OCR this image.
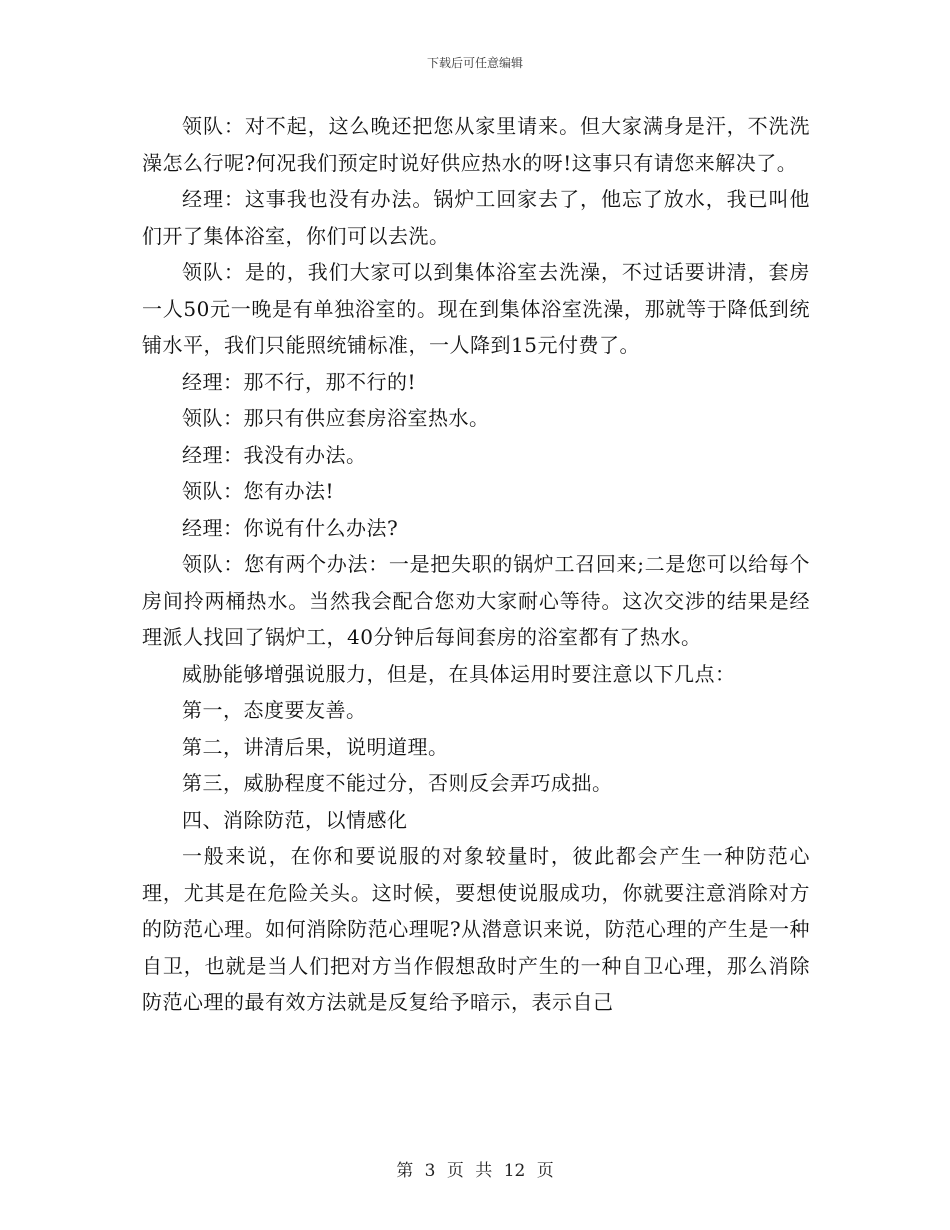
下载后可任意编辑

领队：对不起，这么晚还把您从家里请来。但大家满身是汗，不洗洗澡怎么行呢?何况我们预定时说好供应热水的呀!这事只有请您来解决了。

经理：这事我也没有办法。锅炉工回家去了，他忘了放水，我已叫他们开了集体浴室，你们可以去洗。

领队：是的，我们大家可以到集体浴室去洗澡，不过话要讲清，套房一人50元一晚是有单独浴室的。现在到集体浴室洗澡，那就等于降低到统铺水平，我们只能照统铺标准，一人降到15元付费了。

经理：那不行，那不行的!

领队：那只有供应套房浴室热水。

经理：我没有办法。

领队：您有办法!

经理：你说有什么办法?

领队：您有两个办法：一是把失职的锅炉工召回来;二是您可以给每个房间拎两桶热水。当然我会配合您劝大家耐心等待。这次交涉的结果是经理派人找回了锅炉工，40分钟后每间套房的浴室都有了热水。

威胁能够增强说服力，但是，在具体运用时要注意以下几点：

第一，态度要友善。

第二，讲清后果，说明道理。

第三，威胁程度不能过分，否则反会弄巧成拙。

四、消除防范，以情感化

一般来说，在你和要说服的对象较量时，彼此都会产生一种防范心理，尤其是在危险关头。这时候，要想使说服成功，你就要注意消除对方的防范心理。如何消除防范心理呢?从潜意识来说，防范心理的产生是一种自卫，也就是当人们把对方当作假想敌时产生的一种自卫心理，那么消除防范心理的最有效方法就是反复给予暗示，表示自己

第 3 页 共 12 页
